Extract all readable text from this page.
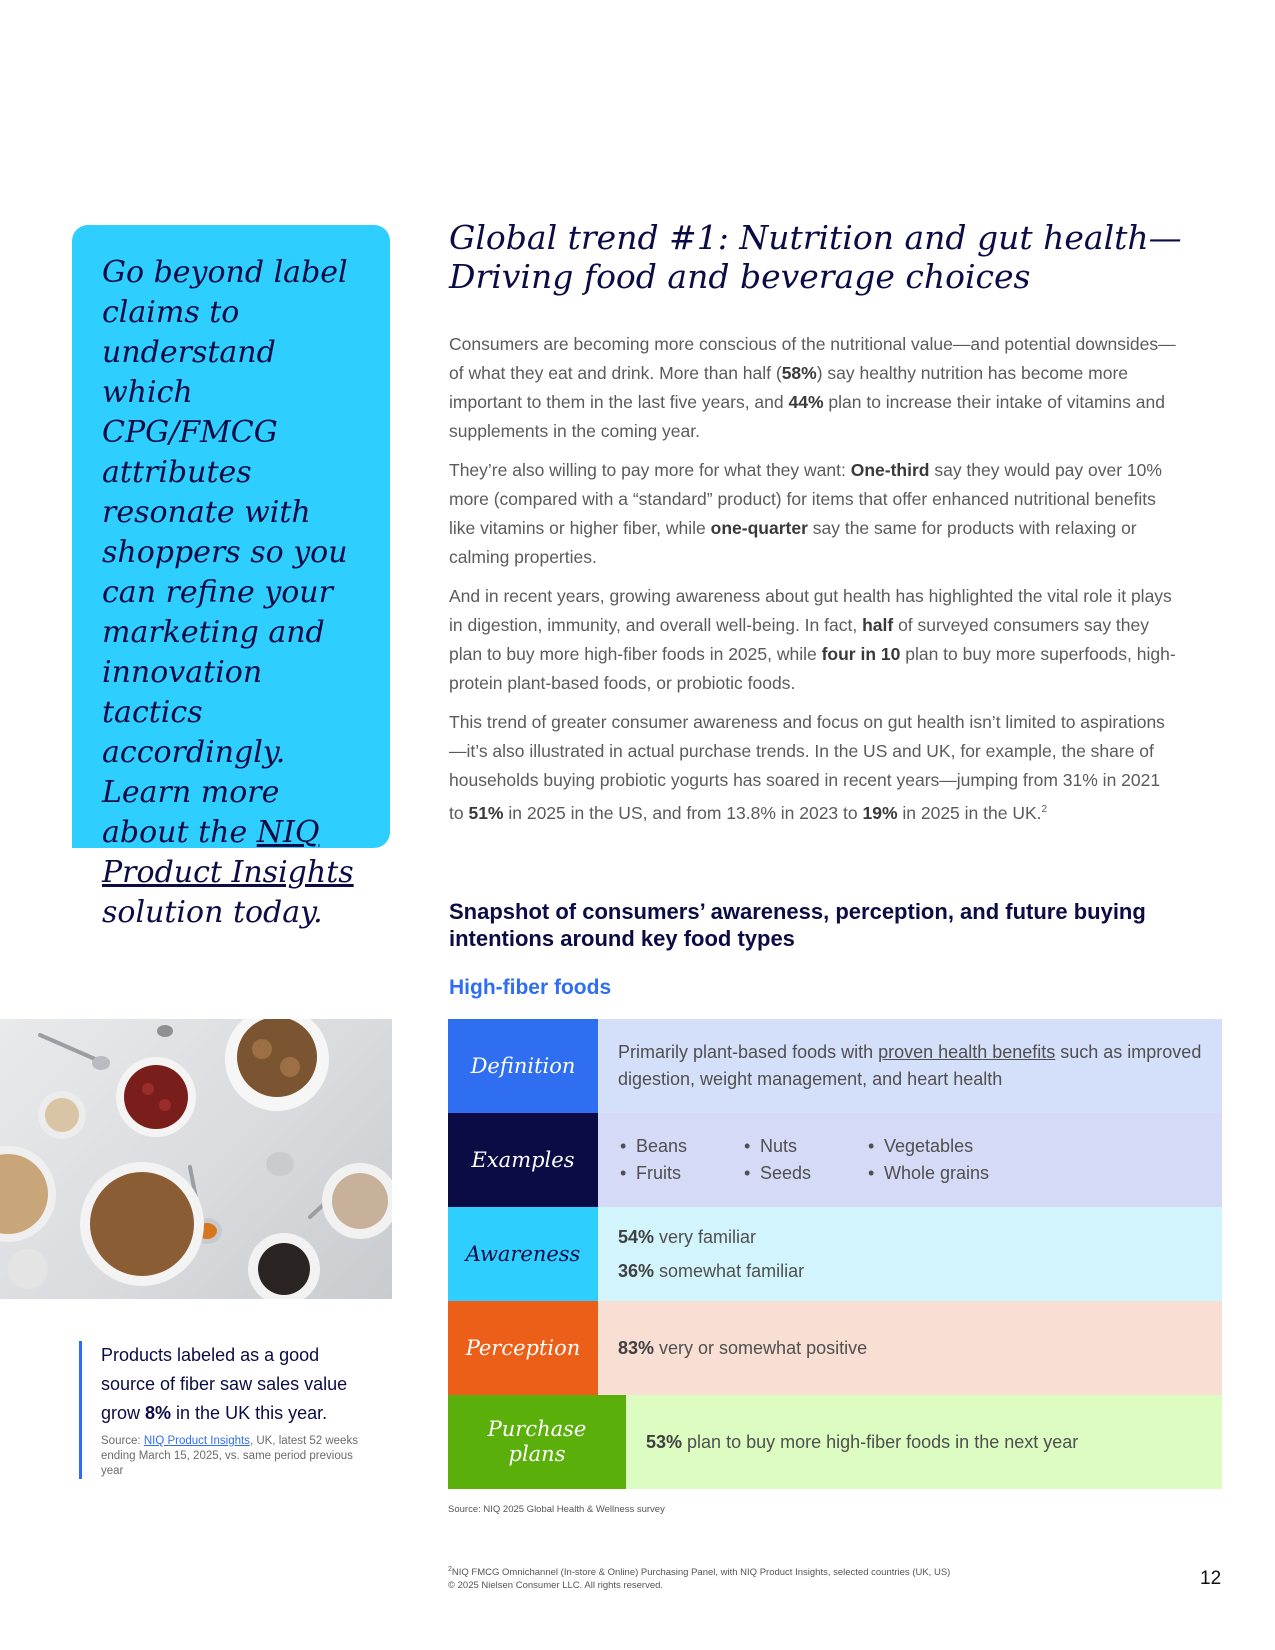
Go beyond label claims to understand which CPG/FMCG attributes resonate with shoppers so you can refine your marketing and innovation tactics accordingly. Learn more about the NIQ Product Insights solution today.

Global trend #1: Nutrition and gut health—Driving food and beverage choices

Consumers are becoming more conscious of the nutritional value—and potential downsides—of what they eat and drink. More than half (58%) say healthy nutrition has become more important to them in the last five years, and 44% plan to increase their intake of vitamins and supplements in the coming year.

They’re also willing to pay more for what they want: One-third say they would pay over 10% more (compared with a “standard” product) for items that offer enhanced nutritional benefits like vitamins or higher fiber, while one-quarter say the same for products with relaxing or calming properties.

And in recent years, growing awareness about gut health has highlighted the vital role it plays in digestion, immunity, and overall well-being. In fact, half of surveyed consumers say they plan to buy more high-fiber foods in 2025, while four in 10 plan to buy more superfoods, high-protein plant-based foods, or probiotic foods.

This trend of greater consumer awareness and focus on gut health isn’t limited to aspirations—it’s also illustrated in actual purchase trends. In the US and UK, for example, the share of households buying probiotic yogurts has soared in recent years—jumping from 31% in 2021 to 51% in 2025 in the US, and from 13.8% in 2023 to 19% in 2025 in the UK.$^2$

Products labeled as a good source of fiber saw sales value grow 8% in the UK this year.

Source: NIQ Product Insights, UK, latest 52 weeks ending March 15, 2025, vs. same period previous year

Snapshot of consumers’ awareness, perception, and future buying intentions around key food types
High-fiber foods
Definition

Primarily plant-based foods with proven health benefits such as improved digestion, weight management, and heart health

Examples
• Beans
• Fruits
• Nuts
• Seeds
• Vegetables
• Whole grains
Awareness

54% very familiar

36% somewhat familiar

Perception	83% very or somewhat positive

Purchase plans

53% plan to buy more high-fiber foods in the next year

Source: NIQ 2025 Global Health & Wellness survey

$^2$NIQ FMCG Omnichannel (In-store & Online) Purchasing Panel, with NIQ Product Insights, selected countries (UK, US)
© 2025 Nielsen Consumer LLC. All rights reserved.	12
